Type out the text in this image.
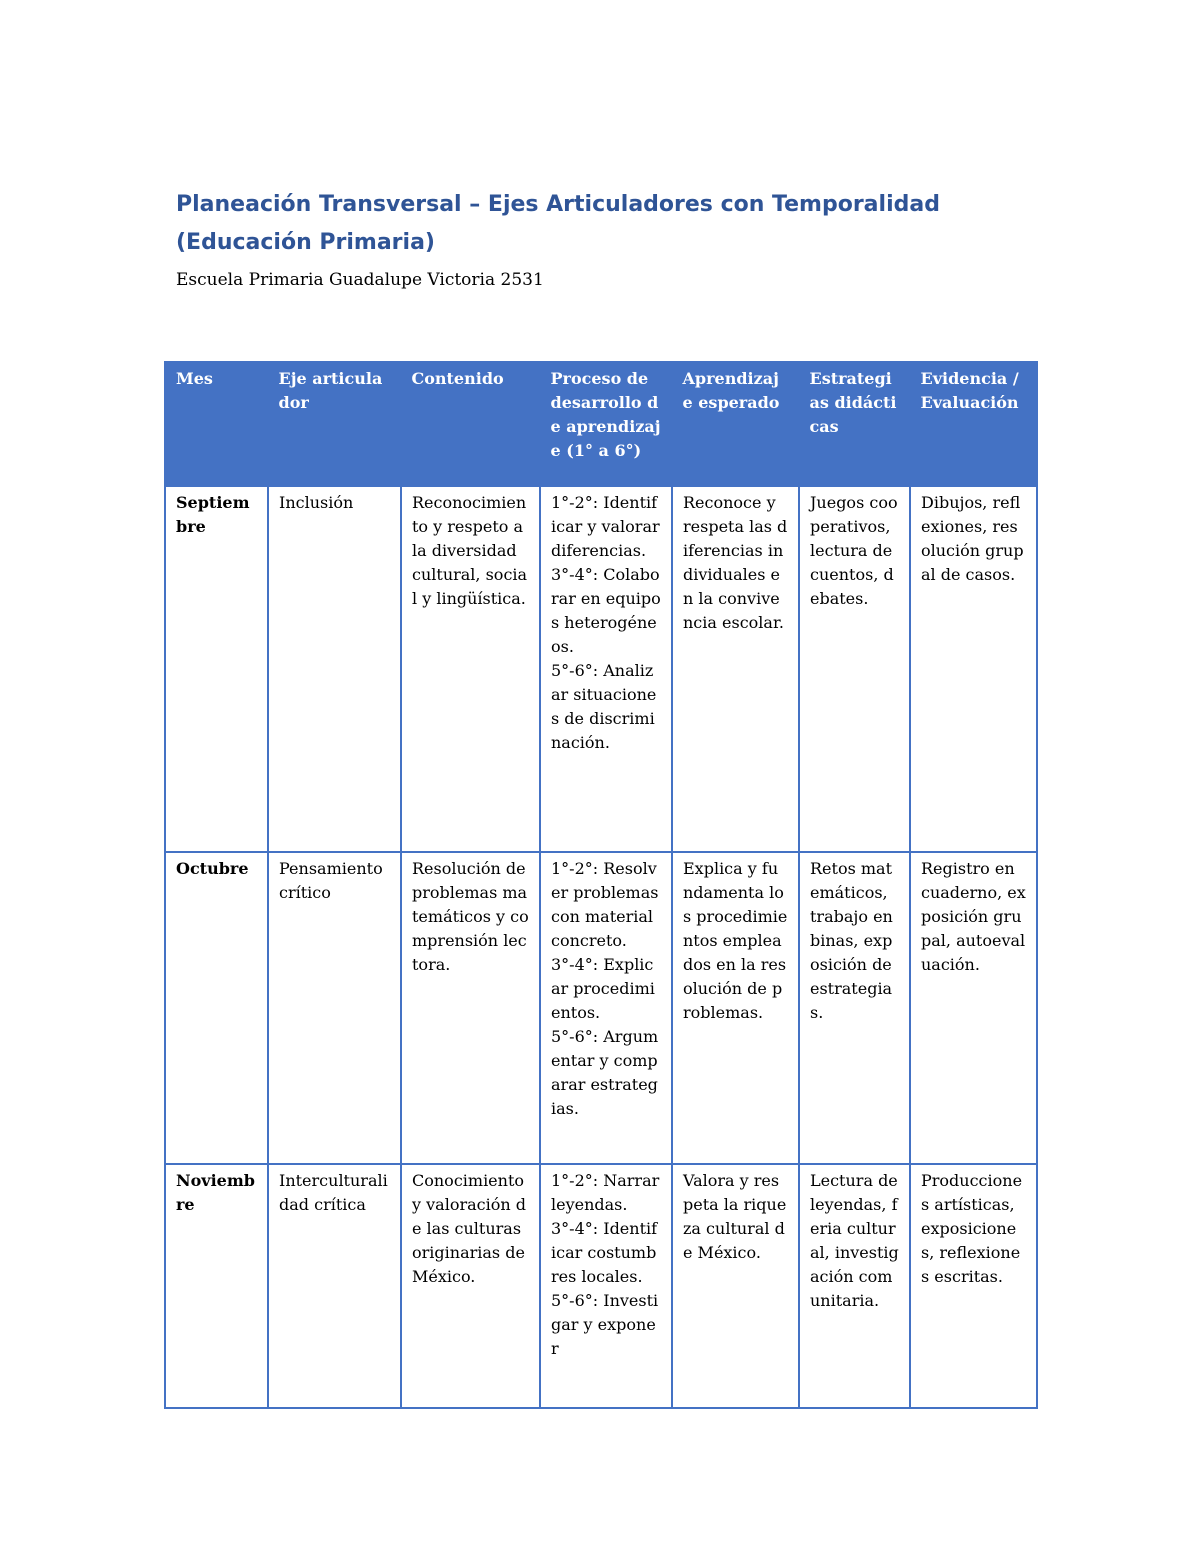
Planeación Transversal – Ejes Articuladores con Temporalidad (Educación Primaria)

Escuela Primaria Guadalupe Victoria 2531

Mes	Eje articulador	Contenido	Proceso de desarrollo de aprendizaje (1° a 6°)	Aprendizaje esperado	Estrategias didácticas	Evidencia / Evaluación
Septiembre	Inclusión	Reconocimiento y respeto a la diversidad cultural, social y lingüística.	1°-2°: Identificar y valorar diferencias.
3°-4°: Colaborar en equipos heterogéneos.
5°-6°: Analizar situaciones de discriminación.	Reconoce y respeta las diferencias individuales en la convivencia escolar.	Juegos cooperativos, lectura de cuentos, debates.	Dibujos, reflexiones, resolución grupal de casos.
Octubre	Pensamiento crítico	Resolución de problemas matemáticos y comprensión lectora.	1°-2°: Resolver problemas con material concreto.
3°-4°: Explicar procedimientos.
5°-6°: Argumentar y comparar estrategias.	Explica y fundamenta los procedimientos empleados en la resolución de problemas.	Retos matemáticos, trabajo en binas, exposición de estrategias.	Registro en cuaderno, exposición grupal, autoevaluación.
Noviembre	Interculturalidad crítica	Conocimiento y valoración de las culturas originarias de México.	1°-2°: Narrar leyendas.
3°-4°: Identificar costumbres locales.
5°-6°: Investigar y exponer	Valora y respeta la riqueza cultural de México.	Lectura de leyendas, feria cultural, investigación comunitaria.	Producciones artísticas, exposiciones, reflexiones escritas.
